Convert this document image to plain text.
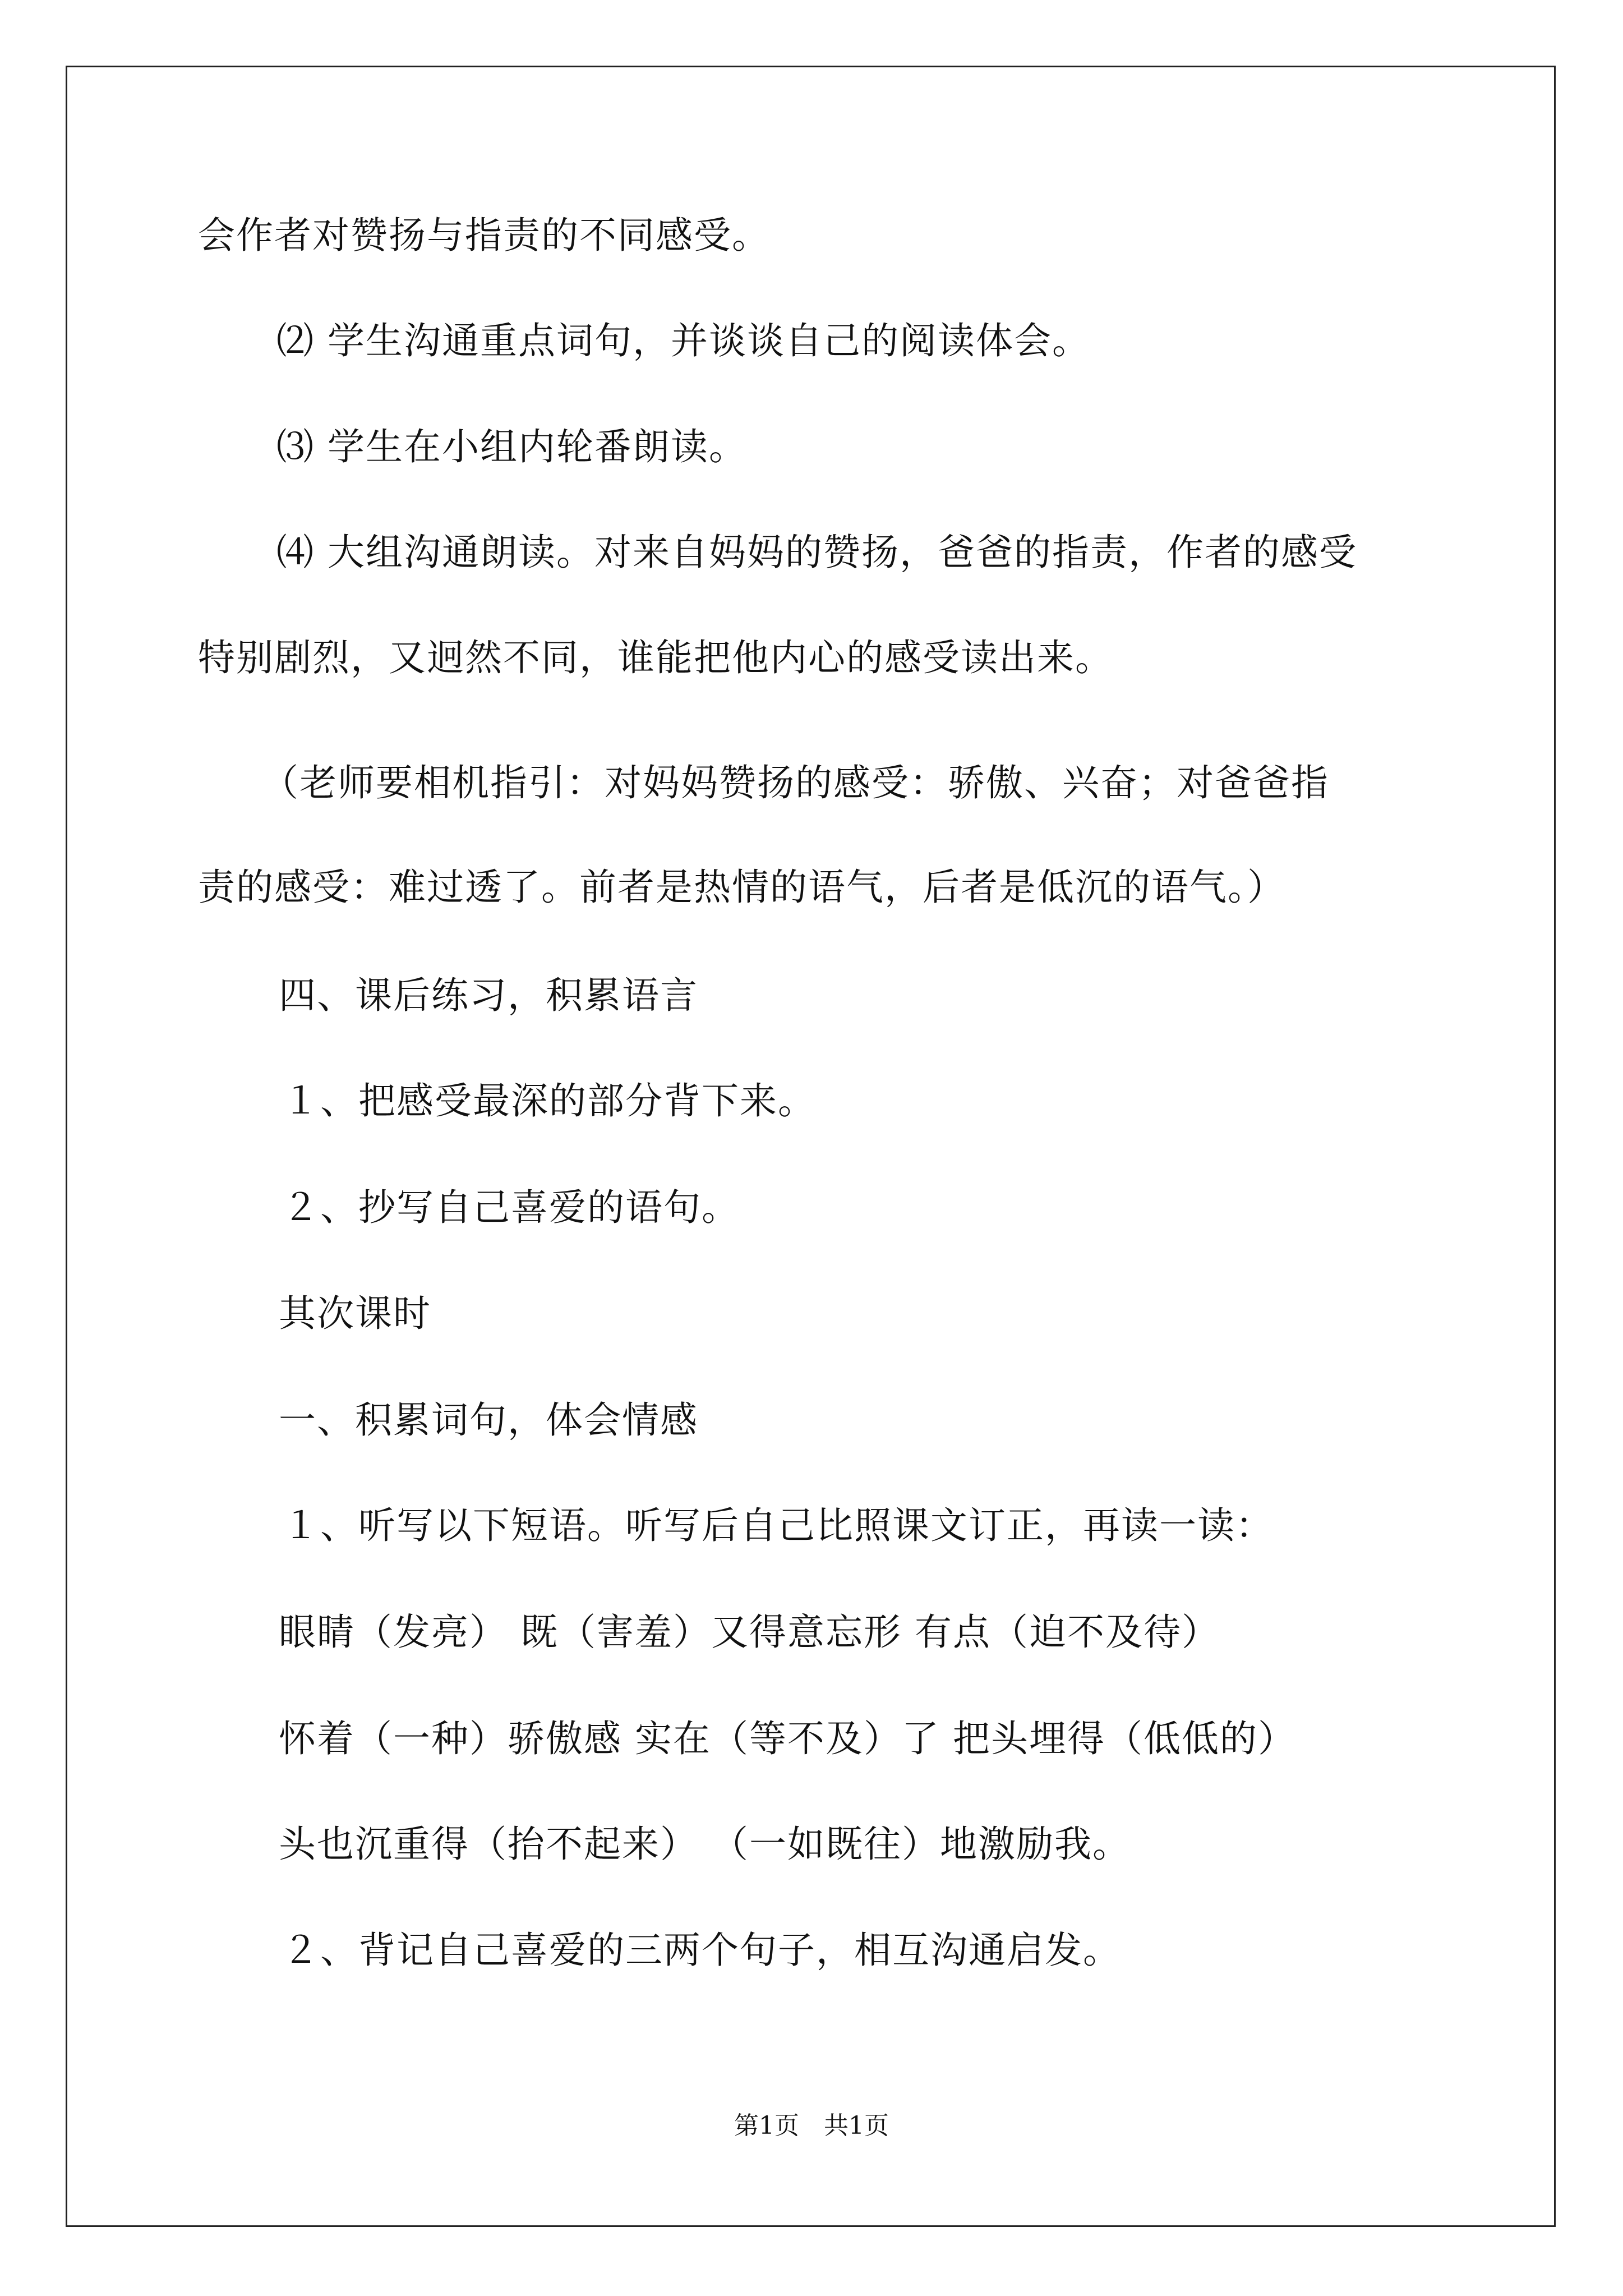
会作者对赞扬与指责的不同感受。
⑵ 学生沟通重点词句，并谈谈自己的阅读体会。
⑶ 学生在小组内轮番朗读。
⑷ 大组沟通朗读。对来自妈妈的赞扬，爸爸的指责，作者的感受
特别剧烈，又迥然不同，谁能把他内心的感受读出来。
（老师要相机指引：对妈妈赞扬的感受：骄傲、兴奋；对爸爸指
责的感受：难过透了。前者是热情的语气，后者是低沉的语气。）
四、课后练习，积累语言
１、把感受最深的部分背下来。
２、抄写自己喜爱的语句。
其次课时
一、积累词句，体会情感
１、听写以下短语。听写后自己比照课文订正，再读一读：
眼睛（发亮） 既（害羞）又得意忘形 有点（迫不及待）
怀着（一种）骄傲感 实在（等不及）了 把头埋得（低低的）
头也沉重得（抬不起来） （一如既往）地激励我。
２、背记自己喜爱的三两个句子，相互沟通启发。
第1页　共1页
